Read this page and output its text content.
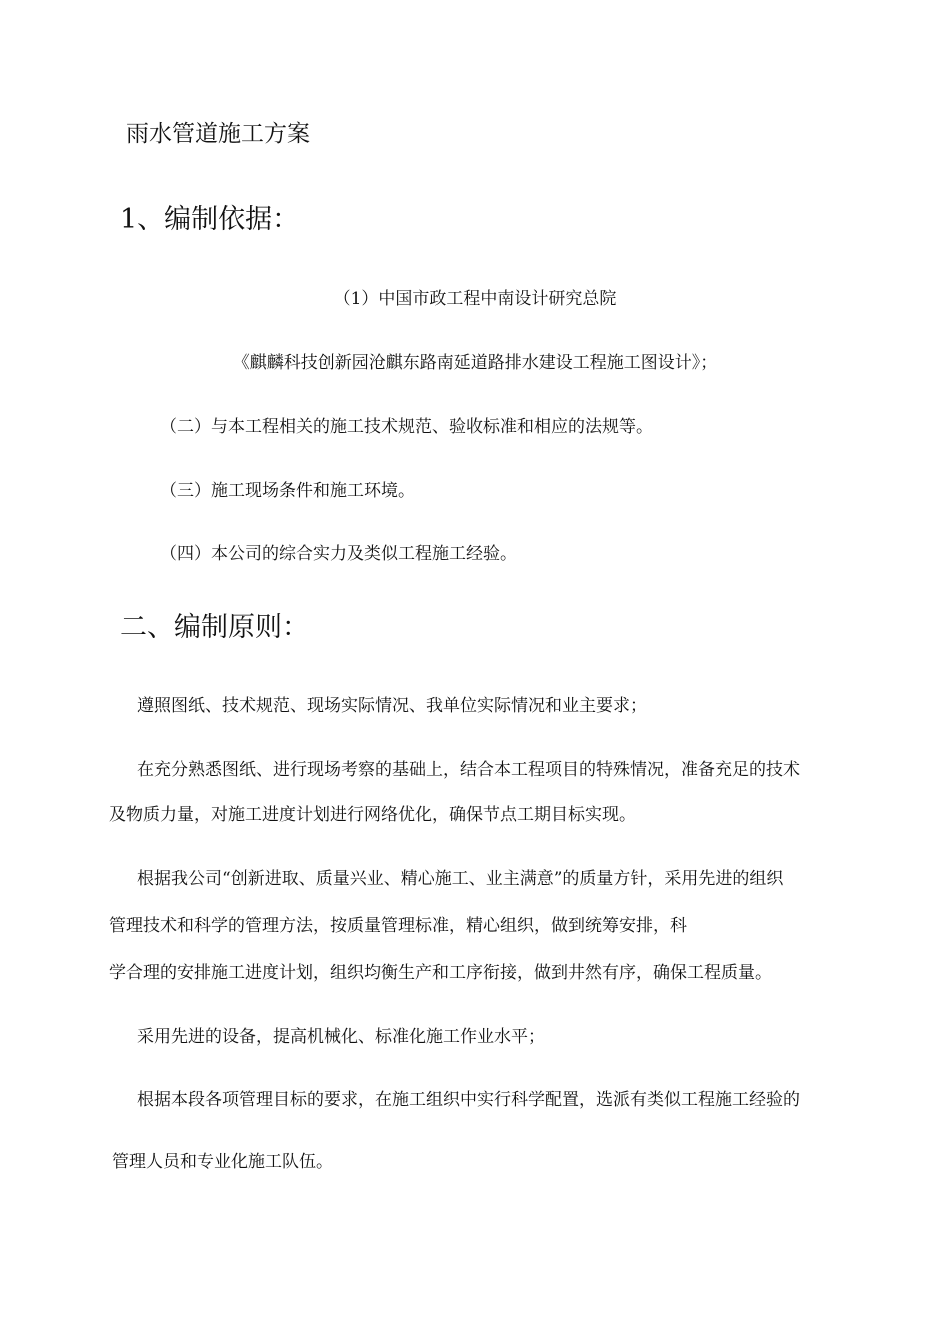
雨水管道施工方案
1、编制依据：
（1）中国市政工程中南设计研究总院
《麒麟科技创新园沧麒东路南延道路排水建设工程施工图设计》；
（二）与本工程相关的施工技术规范、验收标准和相应的法规等。
（三）施工现场条件和施工环境。
（四）本公司的综合实力及类似工程施工经验。
二、编制原则：
遵照图纸、技术规范、现场实际情况、我单位实际情况和业主要求；
在充分熟悉图纸、进行现场考察的基础上，结合本工程项目的特殊情况，准备充足的技术
及物质力量，对施工进度计划进行网络优化，确保节点工期目标实现。
根据我公司“创新进取、质量兴业、精心施工、业主满意”的质量方针，采用先进的组织
管理技术和科学的管理方法，按质量管理标准，精心组织，做到统筹安排，科
学合理的安排施工进度计划，组织均衡生产和工序衔接，做到井然有序，确保工程质量。
采用先进的设备，提高机械化、标准化施工作业水平；
根据本段各项管理目标的要求，在施工组织中实行科学配置，选派有类似工程施工经验的
管理人员和专业化施工队伍。
